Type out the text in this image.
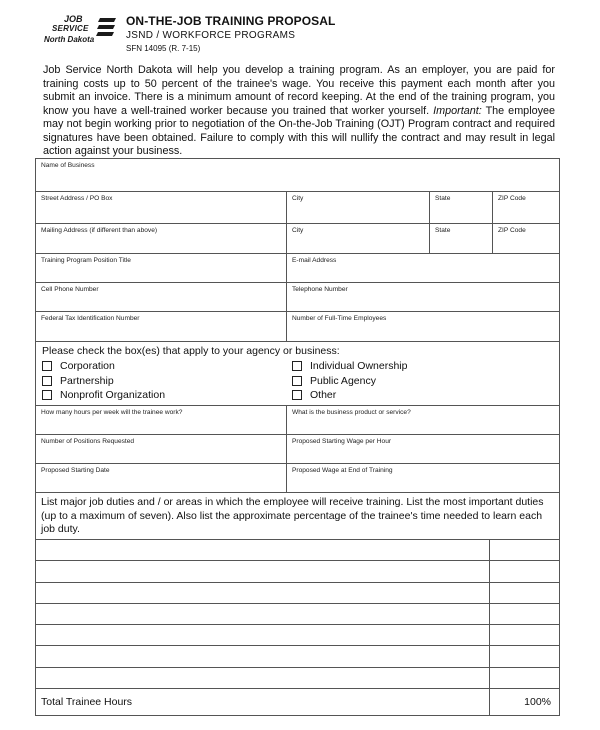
JOB
SERVICE
North Dakota
ON-THE-JOB TRAINING PROPOSAL
JSND / WORKFORCE PROGRAMS
SFN 14095 (R. 7-15)
Job Service North Dakota will help you develop a training program. As an employer, you are paid for training costs up to 50 percent of the trainee's wage. You receive this payment each month after you submit an invoice. There is a minimum amount of record keeping. At the end of the training program, you know you have a well-trained worker because you trained that worker yourself. Important: The employee may not begin working prior to negotiation of the On-the-Job Training (OJT) Program contract and required signatures have been obtained. Failure to comply with this will nullify the contract and may result in legal action against your business.
Name of Business
Street Address / PO Box	City	State	ZIP Code
Mailing Address (if different than above)	City	State	ZIP Code
Training Program Position Title	E-mail Address
Cell Phone Number	Telephone Number
Federal Tax Identification Number	Number of Full-Time Employees
Please check the box(es) that apply to your agency or business:
Corporation
Partnership
Nonprofit Organization
Individual Ownership
Public Agency
Other
How many hours per week will the trainee work?	What is the business product or service?
Number of Positions Requested	Proposed Starting Wage per Hour
Proposed Starting Date	Proposed Wage at End of Training
List major job duties and / or areas in which the employee will receive training. List the most important duties (up to a maximum of seven). Also list the approximate percentage of the trainee's time needed to learn each job duty.
Total Trainee Hours	100%
